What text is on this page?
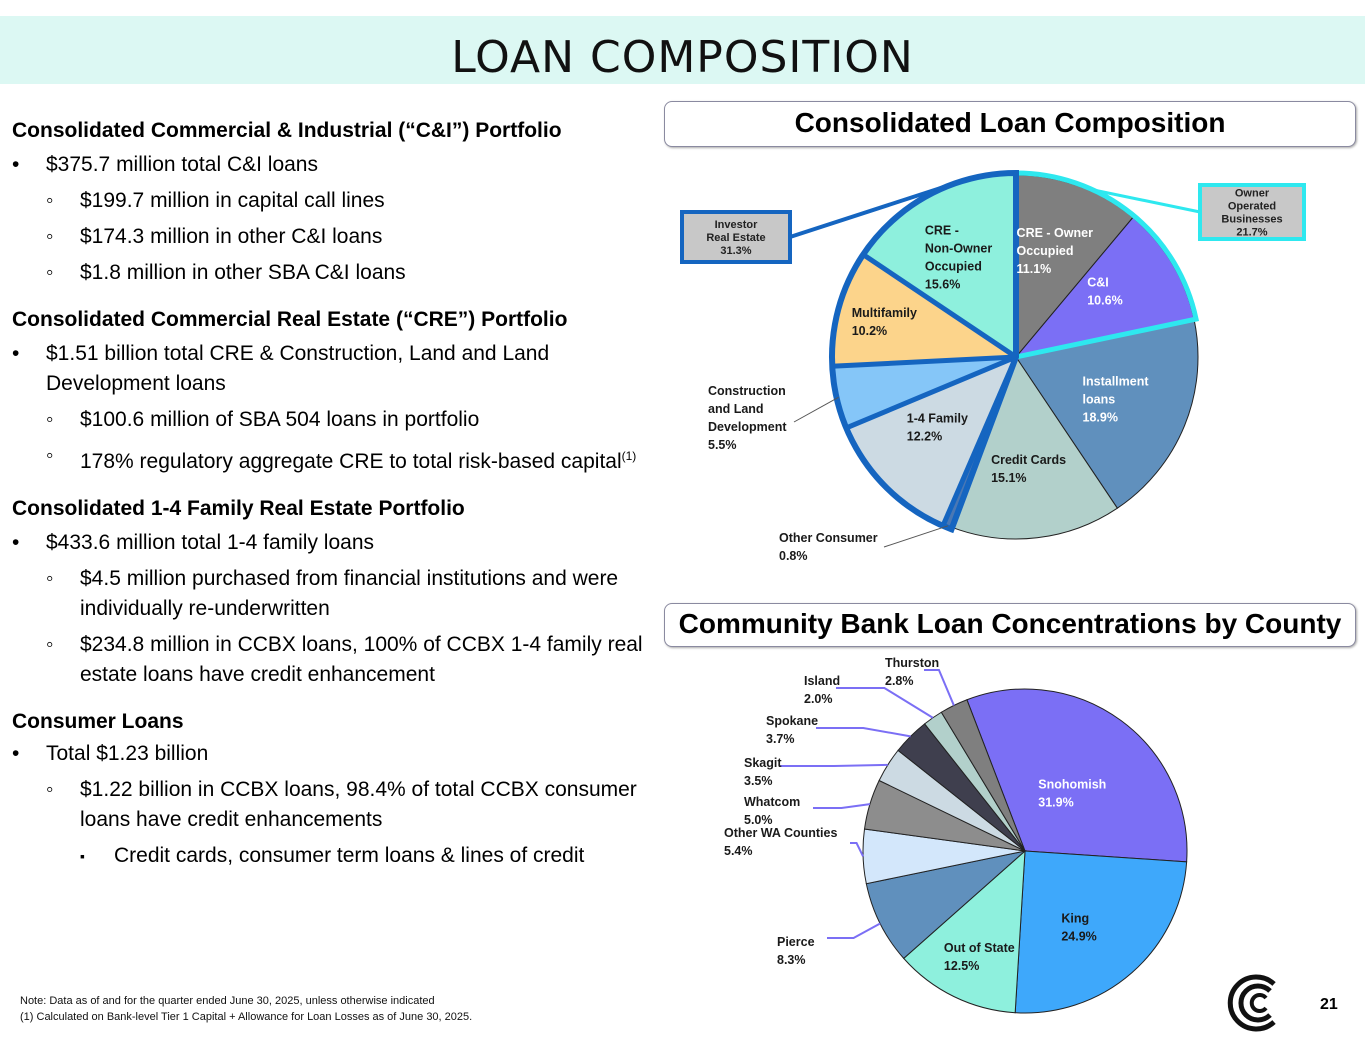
LOAN COMPOSITION

Consolidated Commercial & Industrial (“C&I”) Portfolio

• $375.7 million total C&I loans
◦ $199.7 million in capital call lines
◦ $174.3 million in other C&I loans
◦ $1.8 million in other SBA C&I loans

Consolidated Commercial Real Estate (“CRE”) Portfolio

• $1.51 billion total CRE & Construction, Land and Land Development loans
◦ $100.6 million of SBA 504 loans in portfolio
◦ 178% regulatory aggregate CRE to total risk-based capital$^{(1)}$

Consolidated 1-4 Family Real Estate Portfolio

• $433.6 million total 1-4 family loans
◦ $4.5 million purchased from financial institutions and were individually re-underwritten
◦ $234.8 million in CCBX loans, 100% of CCBX 1-4 family real estate loans have credit enhancement

Consumer Loans

• Total $1.23 billion
◦ $1.22 billion in CCBX loans, 98.4% of total CCBX consumer loans have credit enhancements
▪ Credit cards, consumer term loans & lines of credit
Consolidated Loan Composition
Community Bank Loan Concentrations by County
CRE - Owner Occupied 11.1%
C&I 10.6%
Installment loans 18.9%
Credit Cards 15.1%
1-4 Family 12.2%
Multifamily 10.2%
CRE -Non-Owner Occupied 15.6%
Construction and Land Development 5.5%
Other Consumer 0.8%
Investor Real Estate 31.3%
Owner Operated Businesses 21.7%
Snohomish 31.9%
King 24.9%
Out of State 12.5%
Pierce 8.3%
Other WA Counties 5.4%
Whatcom 5.0%
Skagit 3.5%
Spokane 3.7%
Island 2.0%
Thurston 2.8%
Note: Data as of and for the quarter ended June 30, 2025, unless otherwise indicated
(1) Calculated on Bank-level Tier 1 Capital + Allowance for Loan Losses as of June 30, 2025.
21
